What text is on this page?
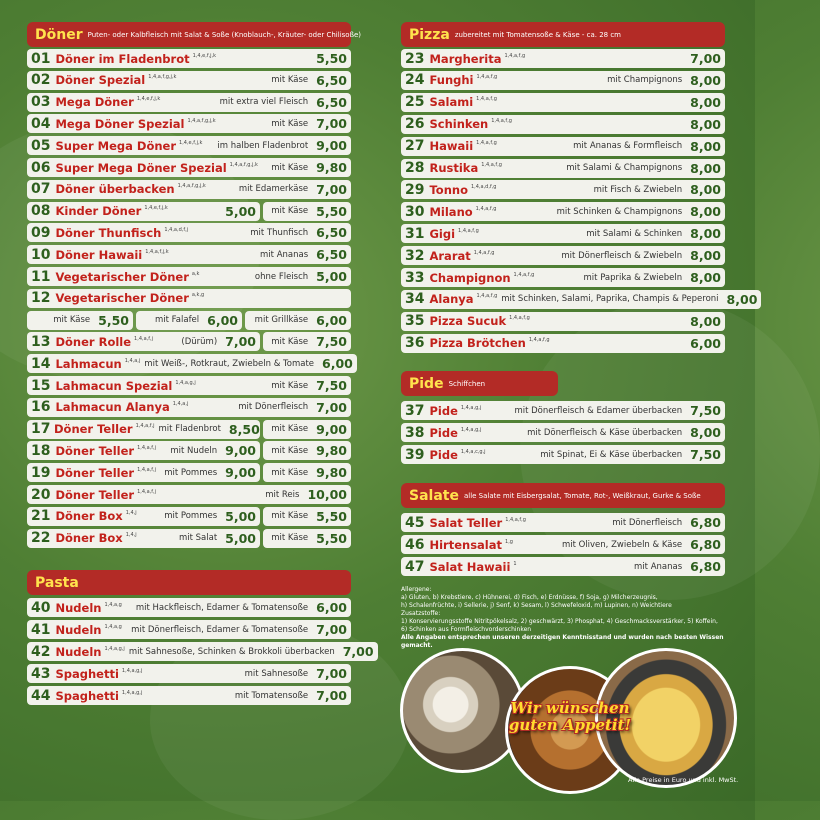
Döner Puten- oder Kalbfleisch mit Salat & Soße (Knoblauch-, Kräuter- oder Chilisoße)
Pasta
Pizza zubereitet mit Tomatensoße & Käse - ca. 28 cm
Pide Schiffchen
Salate alle Salate mit Eisbergsalat, Tomate, Rot-, Weißkraut, Gurke & Soße
01 Döner im Fladenbrot 1,4,e,f,j,k	5,50
02 Döner Spezial 1,4,a,f,g,j,k	mit Käse 6,50
03 Mega Döner 1,4,e,f,j,k	mit extra viel Fleisch 6,50
04 Mega Döner Spezial 1,4,a,f,g,j,k	mit Käse 7,00
05 Super Mega Döner 1,4,e,f,j,k	im halben Fladenbrot 9,00
06 Super Mega Döner Spezial 1,4,a,f,g,j,k	mit Käse 9,80
07 Döner überbacken 1,4,a,f,g,j,k	mit Edamerkäse 7,00
08 Kinder Döner 1,4,e,f,j,k	5,00	mit Käse 5,50
09 Döner Thunfisch 1,4,a,d,f,j	mit Thunfisch 6,50
10 Döner Hawaii 1,4,a,f,j,k	mit Ananas 6,50
11 Vegetarischer Döner a,k	ohne Fleisch 5,00
12 Vegetarischer Döner a,k,g
mit Käse 5,50	mit Falafel 6,00	mit Grillkäse 6,00
13 Döner Rolle 1,4,a,f,j	(Dürüm) 7,00	mit Käse 7,50
14 Lahmacun 1,4,a,j mit Weiß-, Rotkraut, Zwiebeln & Tomate 6,00
15 Lahmacun Spezial 1,4,a,g,j	mit Käse 7,50
16 Lahmacun Alanya 1,4,a,j	mit Dönerfleisch 7,00
17 Döner Teller 1,4,a,f,j mit Fladenbrot 8,50	mit Käse 9,00
18 Döner Teller 1,4,a,f,j	mit Nudeln 9,00	mit Käse 9,80
19 Döner Teller 1,4,a,f,j mit Pommes 9,00	mit Käse 9,80
20 Döner Teller 1,4,a,f,j	mit Reis 10,00
21 Döner Box 1,4,j	mit Pommes 5,00	mit Käse 5,50
22 Döner Box 1,4,j	mit Salat 5,00	mit Käse 5,50
40 Nudeln 1,4,a,g	mit Hackfleisch, Edamer & Tomatensoße 6,00
41 Nudeln 1,4,a,g	mit Dönerfleisch, Edamer & Tomatensoße 7,00
42 Nudeln 1,4,a,g,j mit Sahnesoße, Schinken & Brokkoli überbacken 7,00
43 Spaghetti 1,4,a,g,j	mit Sahnesoße 7,00
44 Spaghetti 1,4,a,g,j	mit Tomatensoße 7,00
23 Margherita 1,4,a,f,g	7,00
24 Funghi 1,4,a,f,g	mit Champignons 8,00
25 Salami 1,4,a,f,g	8,00
26 Schinken 1,4,a,f,g	8,00
27 Hawaii 1,4,a,f,g	mit Ananas & Formfleisch 8,00
28 Rustika 1,4,a,f,g	mit Salami & Champignons 8,00
29 Tonno 1,4,a,d,f,g	mit Fisch & Zwiebeln 8,00
30 Milano 1,4,a,f,g	mit Schinken & Champignons 8,00
31 Gigi 1,4,a,f,g	mit Salami & Schinken 8,00
32 Ararat 1,4,a,f,g	mit Dönerfleisch & Zwiebeln 8,00
33 Champignon 1,4,a,f,g	mit Paprika & Zwiebeln 8,00
34 Alanya 1,4,a,f,g mit Schinken, Salami, Paprika, Champis & Peperoni 8,00
35 Pizza Sucuk 1,4,a,f,g	8,00
36 Pizza Brötchen 1,4,a,f,g	6,00
37 Pide 1,4,a,g,j	mit Dönerfleisch & Edamer überbacken 7,50
38 Pide 1,4,a,g,j	mit Dönerfleisch & Käse überbacken 8,00
39 Pide 1,4,a,c,g,j	mit Spinat, Ei & Käse überbacken 7,50
45 Salat Teller 1,4,a,f,g	mit Dönerfleisch 6,80
46 Hirtensalat 1,g	mit Oliven, Zwiebeln & Käse 6,80
47 Salat Hawaii 1	mit Ananas 6,80
Allergene:
a) Gluten, b) Krebstiere, c) Hühnerei, d) Fisch, e) Erdnüsse, f) Soja, g) Milcherzeugnis,
h) Schalenfrüchte, i) Sellerie, j) Senf, k) Sesam, l) Schwefeloxid, m) Lupinen, n) Weichtiere
Zusatzstoffe:
1) Konservierungsstoffe Nitritpökelsalz, 2) geschwärzt, 3) Phosphat, 4) Geschmacksverstärker, 5) Koffein,
6) Schinken aus Formfleischvorderschinken
Alle Angaben entsprechen unseren derzeitigen Kenntnisstand und wurden nach besten Wissen gemacht.
Wir wünschen
guten Appetit!
Alle Preise in Euro und inkl. MwSt.
